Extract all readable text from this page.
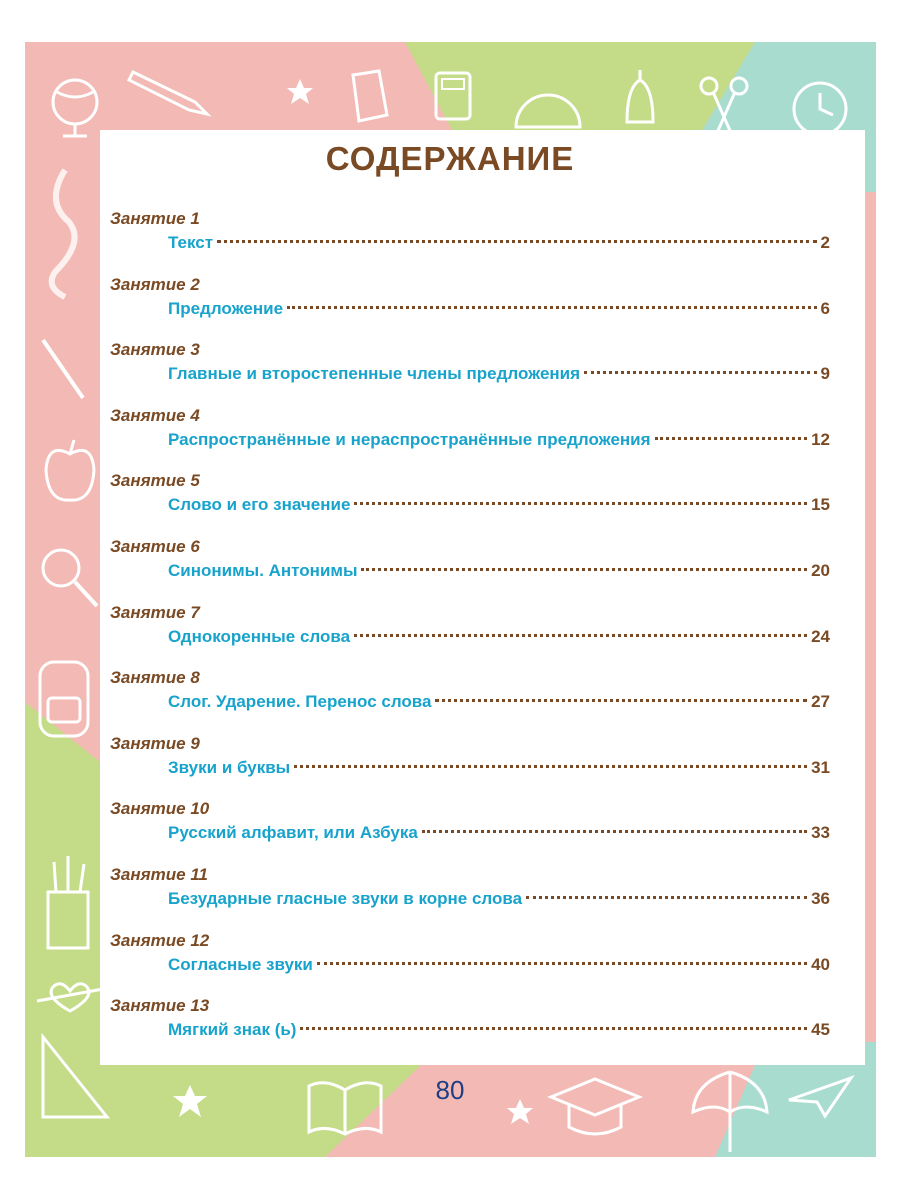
СОДЕРЖАНИЕ
Занятие 1
Текст	2
Занятие 2
Предложение	6
Занятие 3
Главные и второстепенные члены предложения	9
Занятие 4
Распространённые и нераспространённые предложения	12
Занятие 5
Слово и его значение	15
Занятие 6
Синонимы. Антонимы	20
Занятие 7
Однокоренные слова	24
Занятие 8
Слог. Ударение. Перенос слова	27
Занятие 9
Звуки и буквы	31
Занятие 10
Русский алфавит, или Азбука	33
Занятие 11
Безударные гласные звуки в корне слова	36
Занятие 12
Согласные звуки	40
Занятие 13
Мягкий знак (ь)	45
80
